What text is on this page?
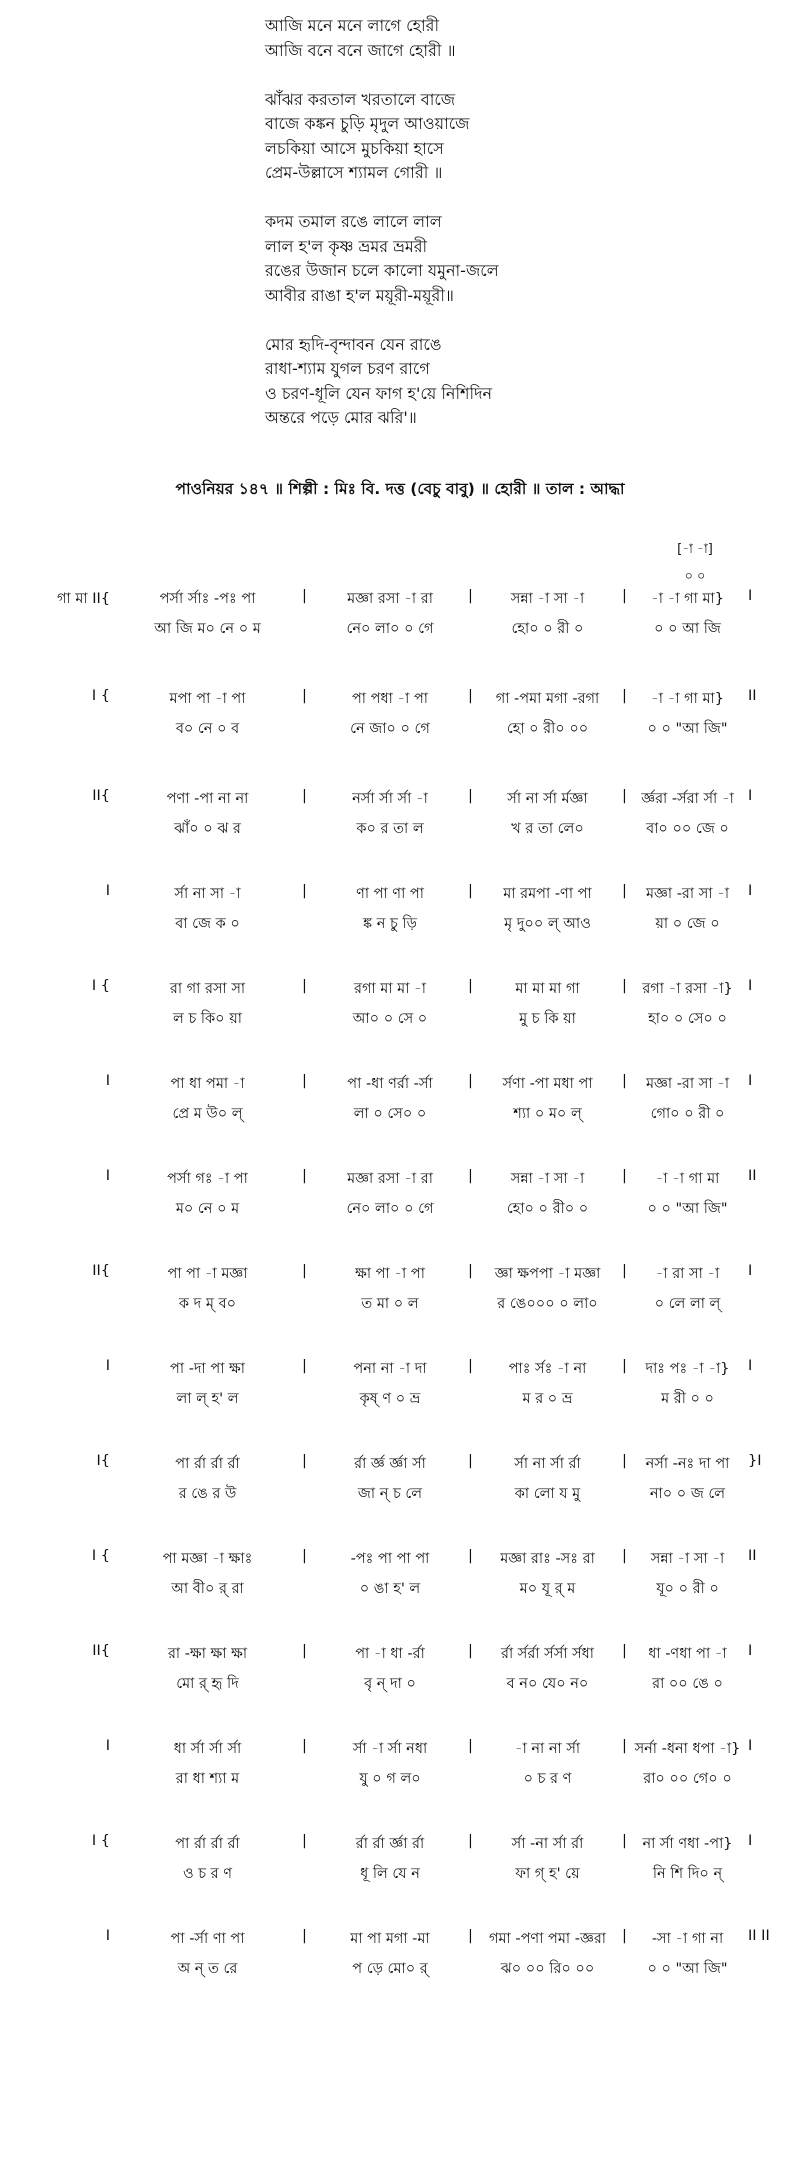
আজি মনে মনে লাগে হোরী
আজি বনে বনে জাগে হোরী ॥
ঝাঁঝর করতাল খরতালে বাজে
বাজে কঙ্কন চুড়ি মৃদুল আওয়াজে
লচকিয়া আসে মুচকিয়া হাসে
প্রেম-উল্লাসে শ্যামল গোরী ॥
কদম তমাল রঙে লালে লাল
লাল হ'ল কৃষ্ণ ভ্রমর ভ্রমরী
রঙের উজান চলে কালো যমুনা-জলে
আবীর রাঙা হ'ল ময়ূরী-ময়ূরী॥
মোর হৃদি-বৃন্দাবন যেন রাঙে
রাধা-শ্যাম যুগল চরণ রাগে
ও চরণ-ধূলি যেন ফাগ হ'য়ে নিশিদিন
অন্তরে পড়ে মোর ঝরি'॥
পাওনিয়র ১৪৭ ॥ শিল্পী : মিঃ বি. দত্ত (বেচু বাবু) ॥ হোরী ॥ তাল : আদ্ধা
[-া -া]
০ ০
গা মা II{	পর্সা র্সাঃ -পঃ পা	মজ্ঞা রসা -া রা	সন্না -া সা -া	-া -া গা মা}
|	|	|	I
আ জি ম০ নে ০ ম	নে০ লা০ ০ গে	হো০ ০ রী ০	০ ০ আ জি
I {	মপা পা -া পা	পা পধা -া পা	গা -পমা মগা -রগা	-া -া গা মা}
|	|	|	II
ব০ নে ০ ব	নে জা০ ০ গে	হো ০ রী০ ০০	০ ০ "আ জি"
II{	পণা -পা না না	নর্সা র্সা র্সা -া	র্সা না র্সা র্মজ্ঞা	র্জ্ঞরা -র্সরা র্সা -া
|	|	|	I
ঝাঁ০ ০ ঝ র	ক০ র তা ল	খ র তা লে০	বা০ ০০ জে ০
I	র্সা না সা -া	ণা পা ণা পা	মা রমপা -ণা পা	মজ্ঞা -রা সা -া
|	|	|	I
বা জে ক ০	ঙ্ক ন চু ড়ি	মৃ দু০০ ল্ আও	য়া ০ জে ০
I {	রা গা রসা সা	রগা মা মা -া	মা মা মা গা	রগা -া রসা -া}
|	|	|	I
ল চ কি০ য়া	আ০ ০ সে ০	মু চ কি য়া	হা০ ০ সে০ ০
I	পা ধা পমা -া	পা -ধা ণর্রা -র্সা	র্সণা -পা মধা পা	মজ্ঞা -রা সা -া
|	|	|	I
প্রে ম উ০ ল্	লা ০ সে০ ০	শ্যা ০ ম০ ল্	গো০ ০ রী ০
I	পর্সা গঃ -া পা	মজ্ঞা রসা -া রা	সন্না -া সা -া	-া -া গা মা
|	|	|	II
ম০ নে ০ ম	নে০ লা০ ০ গে	হো০ ০ রী০ ০	০ ০ "আ জি"
II{	পা পা -া মজ্ঞা	ক্ষা পা -া পা	জ্ঞা ক্ষপপা -া মজ্ঞা	-া রা সা -া
|	|	|	I
ক দ ম্ ব০	ত মা ০ ল	র ঙে০০০ ০ লা০	০ লে লা ল্
I	পা -দা পা ক্ষা	পনা না -া দা	পাঃ র্সঃ -া না	দাঃ পঃ -া -া}
|	|	|	I
লা ল্ হ' ল	কৃষ্ ণ ০ ভ্র	ম র ০ ভ্র	ম রী ০ ০
I{	পা র্রা র্রা র্রা	র্রা র্জ্ঞ র্জ্ঞা র্সা	র্সা না র্সা র্রা	নর্সা -নঃ দা পা
|	|	|	}I
র ঙে র উ	জা ন্ চ লে	কা লো য মু	না০ ০ জ লে
I {	পা মজ্ঞা -া ক্ষাঃ	-পঃ পা পা পা	মজ্ঞা রাঃ -সঃ রা	সন্না -া সা -া
|	|	|	II
আ বী০ র্ রা	০ ঙা হ' ল	ম০ যূ র্ ম	যূ০ ০ রী ০
II{	রা -ক্ষা ক্ষা ক্ষা	পা -া ধা -র্রা	র্রা র্সর্রা র্সর্সা র্সধা	ধা -ণধা পা -া
|	|	|	I
মো র্ হৃ দি	বৃ ন্ দা ০	ব ন০ যে০ ন০	রা ০০ ঙে ০
I	ধা র্সা র্সা র্সা	র্সা -া র্সা নধা	-া না না র্সা	সর্না -ধনা ধপা -া}
|	|	|	I
রা ধা শ্যা ম	যু ০ গ ল০	০ চ র ণ	রা০ ০০ গে০ ০
I {	পা র্রা র্রা র্রা	র্রা র্রা র্জ্ঞা র্রা	র্সা -না র্সা র্রা	না র্সা ণধা -পা}
|	|	|	I
ও চ র ণ	ধূ লি যে ন	ফা গ্ হ' য়ে	নি শি দি০ ন্
I	পা -র্সা ণা পা	মা পা মগা -মা	গমা -পণা পমা -জ্ঞরা	-সা -া গা না
|	|	|	II II
অ ন্ ত রে	প ড়ে মো০ র্	ঝ০ ০০ রি০ ০০	০ ০ "আ জি"
